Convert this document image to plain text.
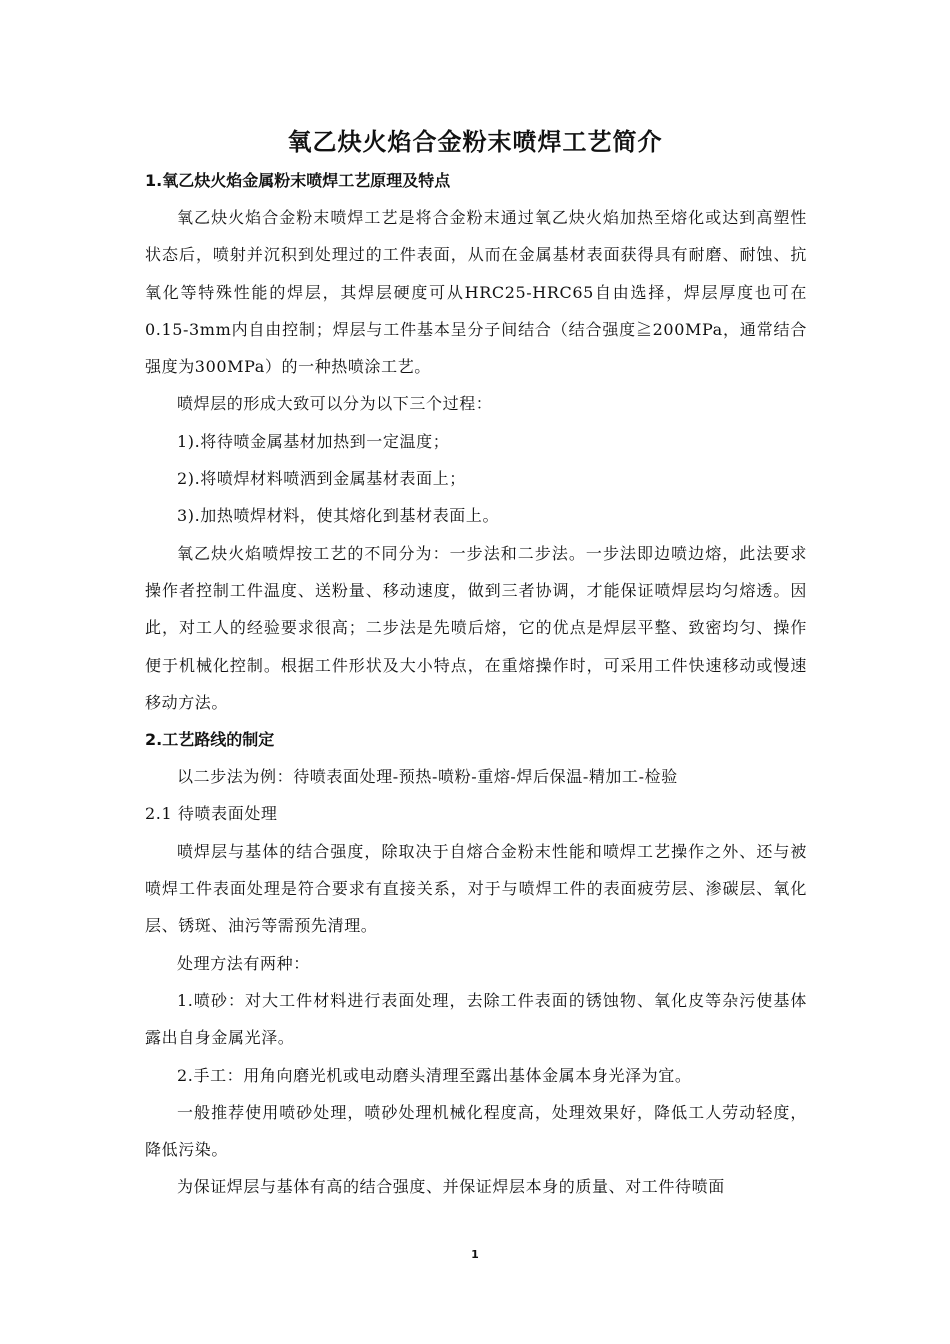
氧乙炔火焰合金粉末喷焊工艺简介
1.氧乙炔火焰金属粉末喷焊工艺原理及特点
氧乙炔火焰合金粉末喷焊工艺是将合金粉末通过氧乙炔火焰加热至熔化或达到高塑性状态后，喷射并沉积到处理过的工件表面，从而在金属基材表面获得具有耐磨、耐蚀、抗氧化等特殊性能的焊层，其焊层硬度可从HRC25-HRC65自由选择，焊层厚度也可在0.15-3mm内自由控制；焊层与工件基本呈分子间结合（结合强度≧200MPa，通常结合强度为300MPa）的一种热喷涂工艺。
喷焊层的形成大致可以分为以下三个过程：
1).将待喷金属基材加热到一定温度；
2).将喷焊材料喷洒到金属基材表面上；
3).加热喷焊材料，使其熔化到基材表面上。
氧乙炔火焰喷焊按工艺的不同分为：一步法和二步法。一步法即边喷边熔，此法要求操作者控制工件温度、送粉量、移动速度，做到三者协调，才能保证喷焊层均匀熔透。因此，对工人的经验要求很高；二步法是先喷后熔，它的优点是焊层平整、致密均匀、操作便于机械化控制。根据工件形状及大小特点，在重熔操作时，可采用工件快速移动或慢速移动方法。
2.工艺路线的制定
以二步法为例：待喷表面处理-预热-喷粉-重熔-焊后保温-精加工-检验
2.1 待喷表面处理
喷焊层与基体的结合强度，除取决于自熔合金粉末性能和喷焊工艺操作之外、还与被喷焊工件表面处理是符合要求有直接关系，对于与喷焊工件的表面疲劳层、渗碳层、氧化层、锈斑、油污等需预先清理。
处理方法有两种：
1.喷砂：对大工件材料进行表面处理，去除工件表面的锈蚀物、氧化皮等杂污使基体露出自身金属光泽。
2.手工：用角向磨光机或电动磨头清理至露出基体金属本身光泽为宜。
一般推荐使用喷砂处理，喷砂处理机械化程度高，处理效果好，降低工人劳动轻度，降低污染。
为保证焊层与基体有高的结合强度、并保证焊层本身的质量、对工件待喷面
1
